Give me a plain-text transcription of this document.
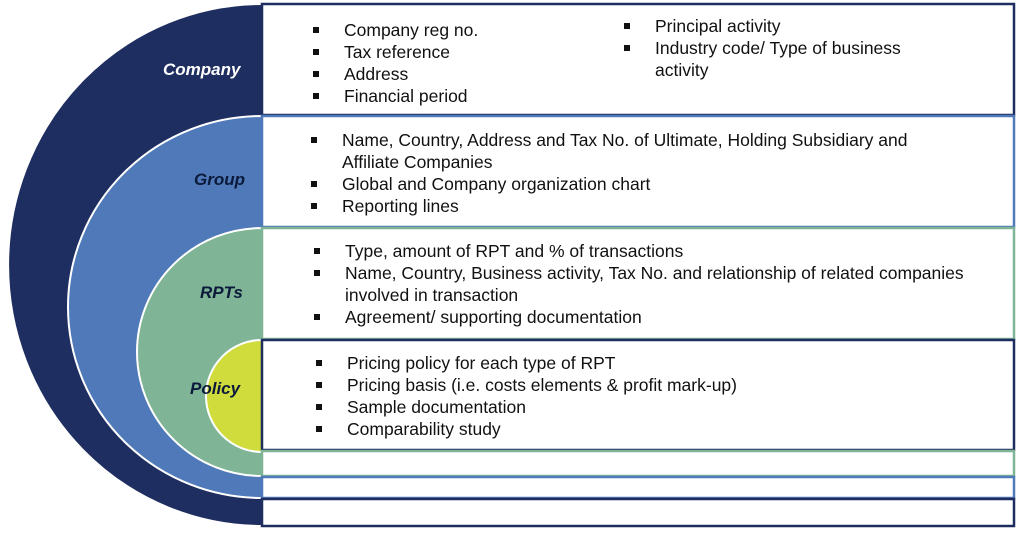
Company
Group
RPTs
Policy
Company reg no.
Tax reference
Address
Financial period
Principal activity
Industry code/ Type of business activity
Name, Country, Address and Tax No. of Ultimate, Holding Subsidiary and Affiliate Companies
Global and Company organization chart
Reporting lines
Type, amount of RPT and % of transactions
Name, Country, Business activity, Tax No. and relationship of related companies involved in transaction
Agreement/ supporting documentation
Pricing policy for each type of RPT
Pricing basis (i.e. costs elements & profit mark-up)
Sample documentation
Comparability study
